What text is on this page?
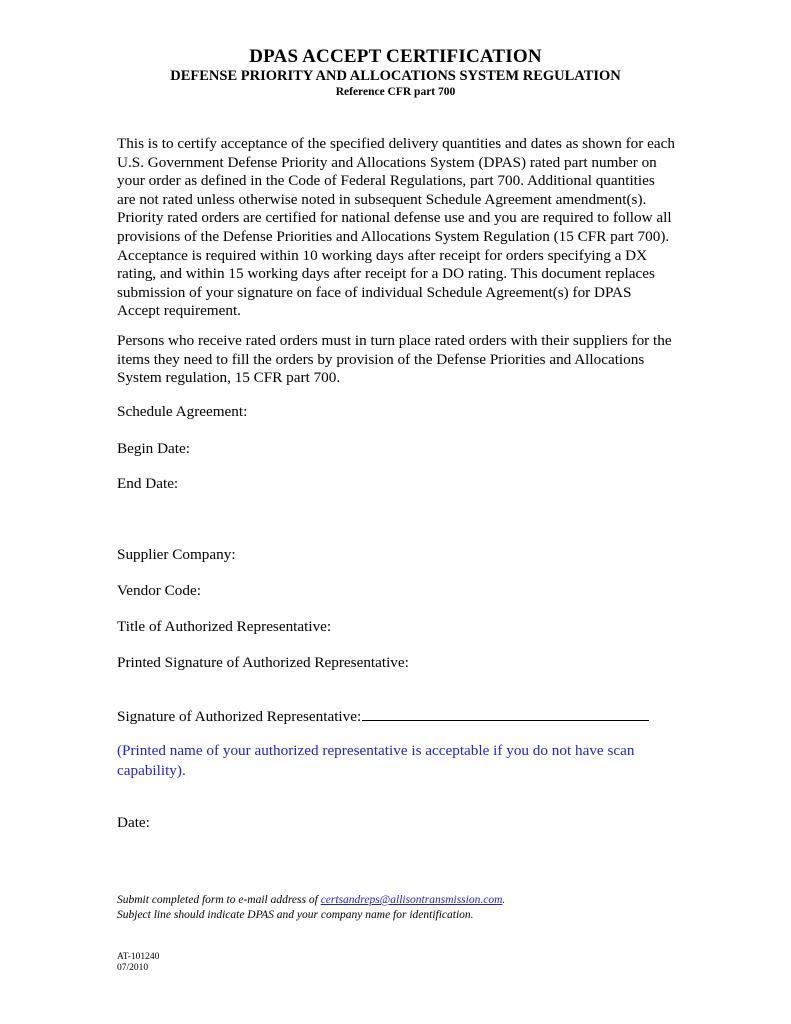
DPAS ACCEPT CERTIFICATION
DEFENSE PRIORITY AND ALLOCATIONS SYSTEM REGULATION
Reference CFR part 700

This is to certify acceptance of the specified delivery quantities and dates as shown for each U.S. Government Defense Priority and Allocations System (DPAS) rated part number on your order as defined in the Code of Federal Regulations, part 700. Additional quantities are not rated unless otherwise noted in subsequent Schedule Agreement amendment(s). Priority rated orders are certified for national defense use and you are required to follow all provisions of the Defense Priorities and Allocations System Regulation (15 CFR part 700). Acceptance is required within 10 working days after receipt for orders specifying a DX rating, and within 15 working days after receipt for a DO rating. This document replaces submission of your signature on face of individual Schedule Agreement(s) for DPAS Accept requirement.

Persons who receive rated orders must in turn place rated orders with their suppliers for the items they need to fill the orders by provision of the Defense Priorities and Allocations System regulation, 15 CFR part 700.

Schedule Agreement:
Begin Date:
End Date:
Supplier Company:
Vendor Code:
Title of Authorized Representative:
Printed Signature of Authorized Representative:
Signature of Authorized Representative:

(Printed name of your authorized representative is acceptable if you do not have scan capability).

Date:

Submit completed form to e-mail address of certsandreps@allisontransmission.com.
Subject line should indicate DPAS and your company name for identification.

AT-101240
07/2010
